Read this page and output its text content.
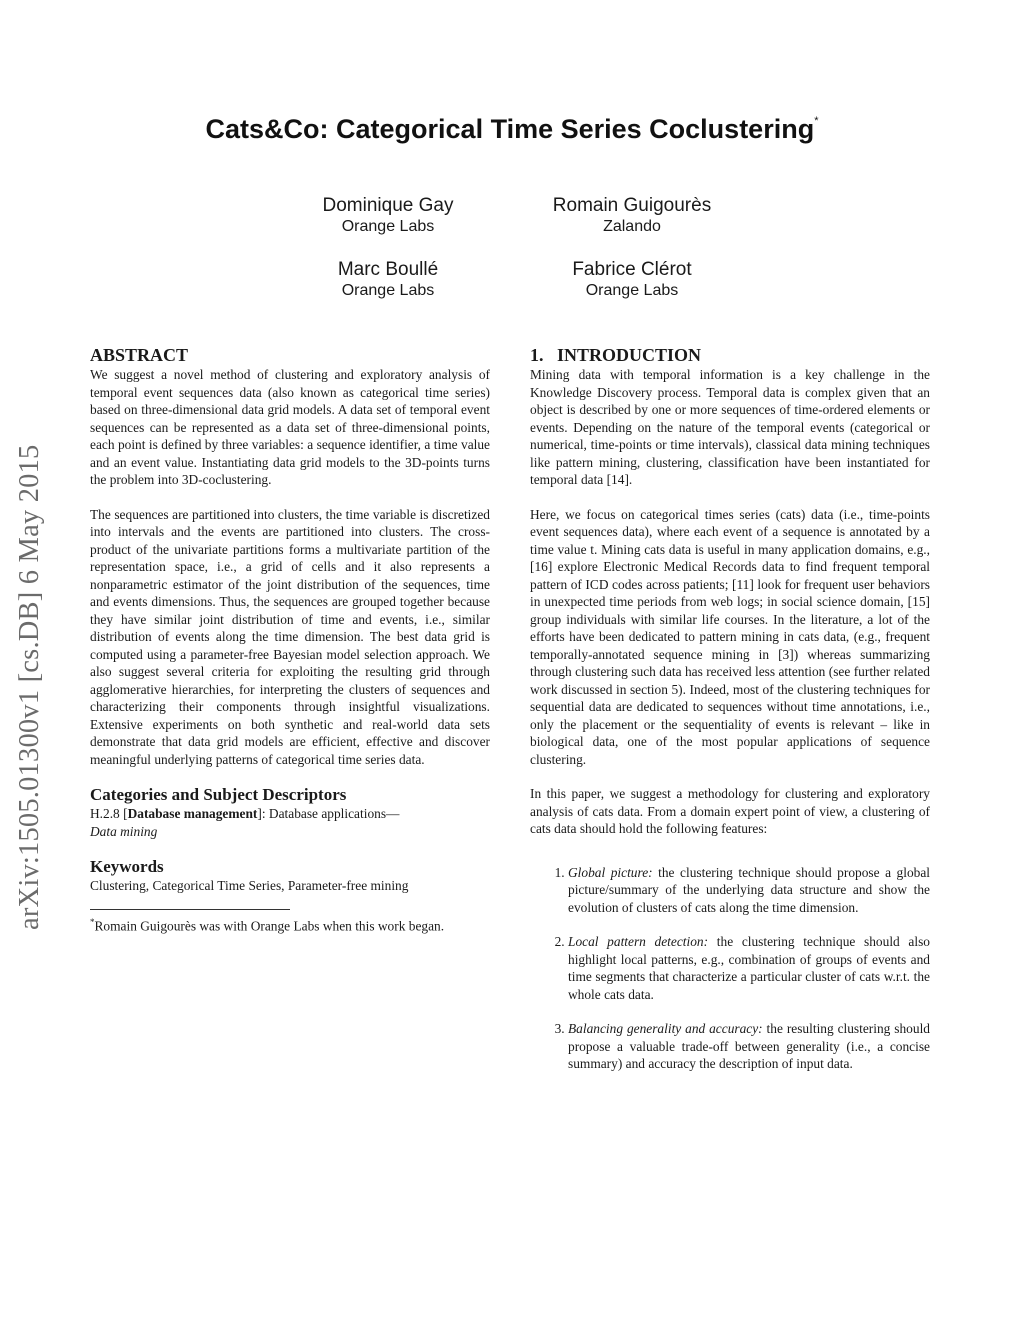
arXiv:1505.01300v1 [cs.DB] 6 May 2015
Cats&Co: Categorical Time Series Coclustering*
Dominique Gay
Orange Labs
Romain Guigourès
Zalando
Marc Boullé
Orange Labs
Fabrice Clérot
Orange Labs
ABSTRACT

We suggest a novel method of clustering and exploratory analysis of temporal event sequences data (also known as categorical time series) based on three-dimensional data grid models. A data set of temporal event sequences can be represented as a data set of three-dimensional points, each point is defined by three variables: a sequence identifier, a time value and an event value. Instantiating data grid models to the 3D-points turns the problem into 3D-coclustering.

The sequences are partitioned into clusters, the time variable is discretized into intervals and the events are partitioned into clusters. The cross-product of the univariate partitions forms a multivariate partition of the representation space, i.e., a grid of cells and it also represents a nonparametric estimator of the joint distribution of the sequences, time and events dimensions. Thus, the sequences are grouped together because they have similar joint distribution of time and events, i.e., similar distribution of events along the time dimension. The best data grid is computed using a parameter-free Bayesian model selection approach. We also suggest several criteria for exploiting the resulting grid through agglomerative hierarchies, for interpreting the clusters of sequences and characterizing their components through insightful visualizations. Extensive experiments on both synthetic and real-world data sets demonstrate that data grid models are efficient, effective and discover meaningful underlying patterns of categorical time series data.

Categories and Subject Descriptors

H.2.8 [Database management]: Database applications—
Data mining

Keywords

Clustering, Categorical Time Series, Parameter-free mining

*Romain Guigourès was with Orange Labs when this work began.

1.   INTRODUCTION

Mining data with temporal information is a key challenge in the Knowledge Discovery process. Temporal data is complex given that an object is described by one or more sequences of time-ordered elements or events. Depending on the nature of the temporal events (categorical or numerical, time-points or time intervals), classical data mining techniques like pattern mining, clustering, classification have been instantiated for temporal data [14].

Here, we focus on categorical times series (cats) data (i.e., time-points event sequences data), where each event of a sequence is annotated by a time value t. Mining cats data is useful in many application domains, e.g., [16] explore Electronic Medical Records data to find frequent temporal pattern of ICD codes across patients; [11] look for frequent user behaviors in unexpected time periods from web logs; in social science domain, [15] group individuals with similar life courses. In the literature, a lot of the efforts have been dedicated to pattern mining in cats data, (e.g., frequent temporally-annotated sequence mining in [3]) whereas summarizing through clustering such data has received less attention (see further related work discussed in section 5). Indeed, most of the clustering techniques for sequential data are dedicated to sequences without time annotations, i.e., only the placement or the sequentiality of events is relevant – like in biological data, one of the most popular applications of sequence clustering.

In this paper, we suggest a methodology for clustering and exploratory analysis of cats data. From a domain expert point of view, a clustering of cats data should hold the following features:

1. Global picture: the clustering technique should propose a global picture/summary of the underlying data structure and show the evolution of clusters of cats along the time dimension.
2. Local pattern detection: the clustering technique should also highlight local patterns, e.g., combination of groups of events and time segments that characterize a particular cluster of cats w.r.t. the whole cats data.
3. Balancing generality and accuracy: the resulting clustering should propose a valuable trade-off between generality (i.e., a concise summary) and accuracy the description of input data.
